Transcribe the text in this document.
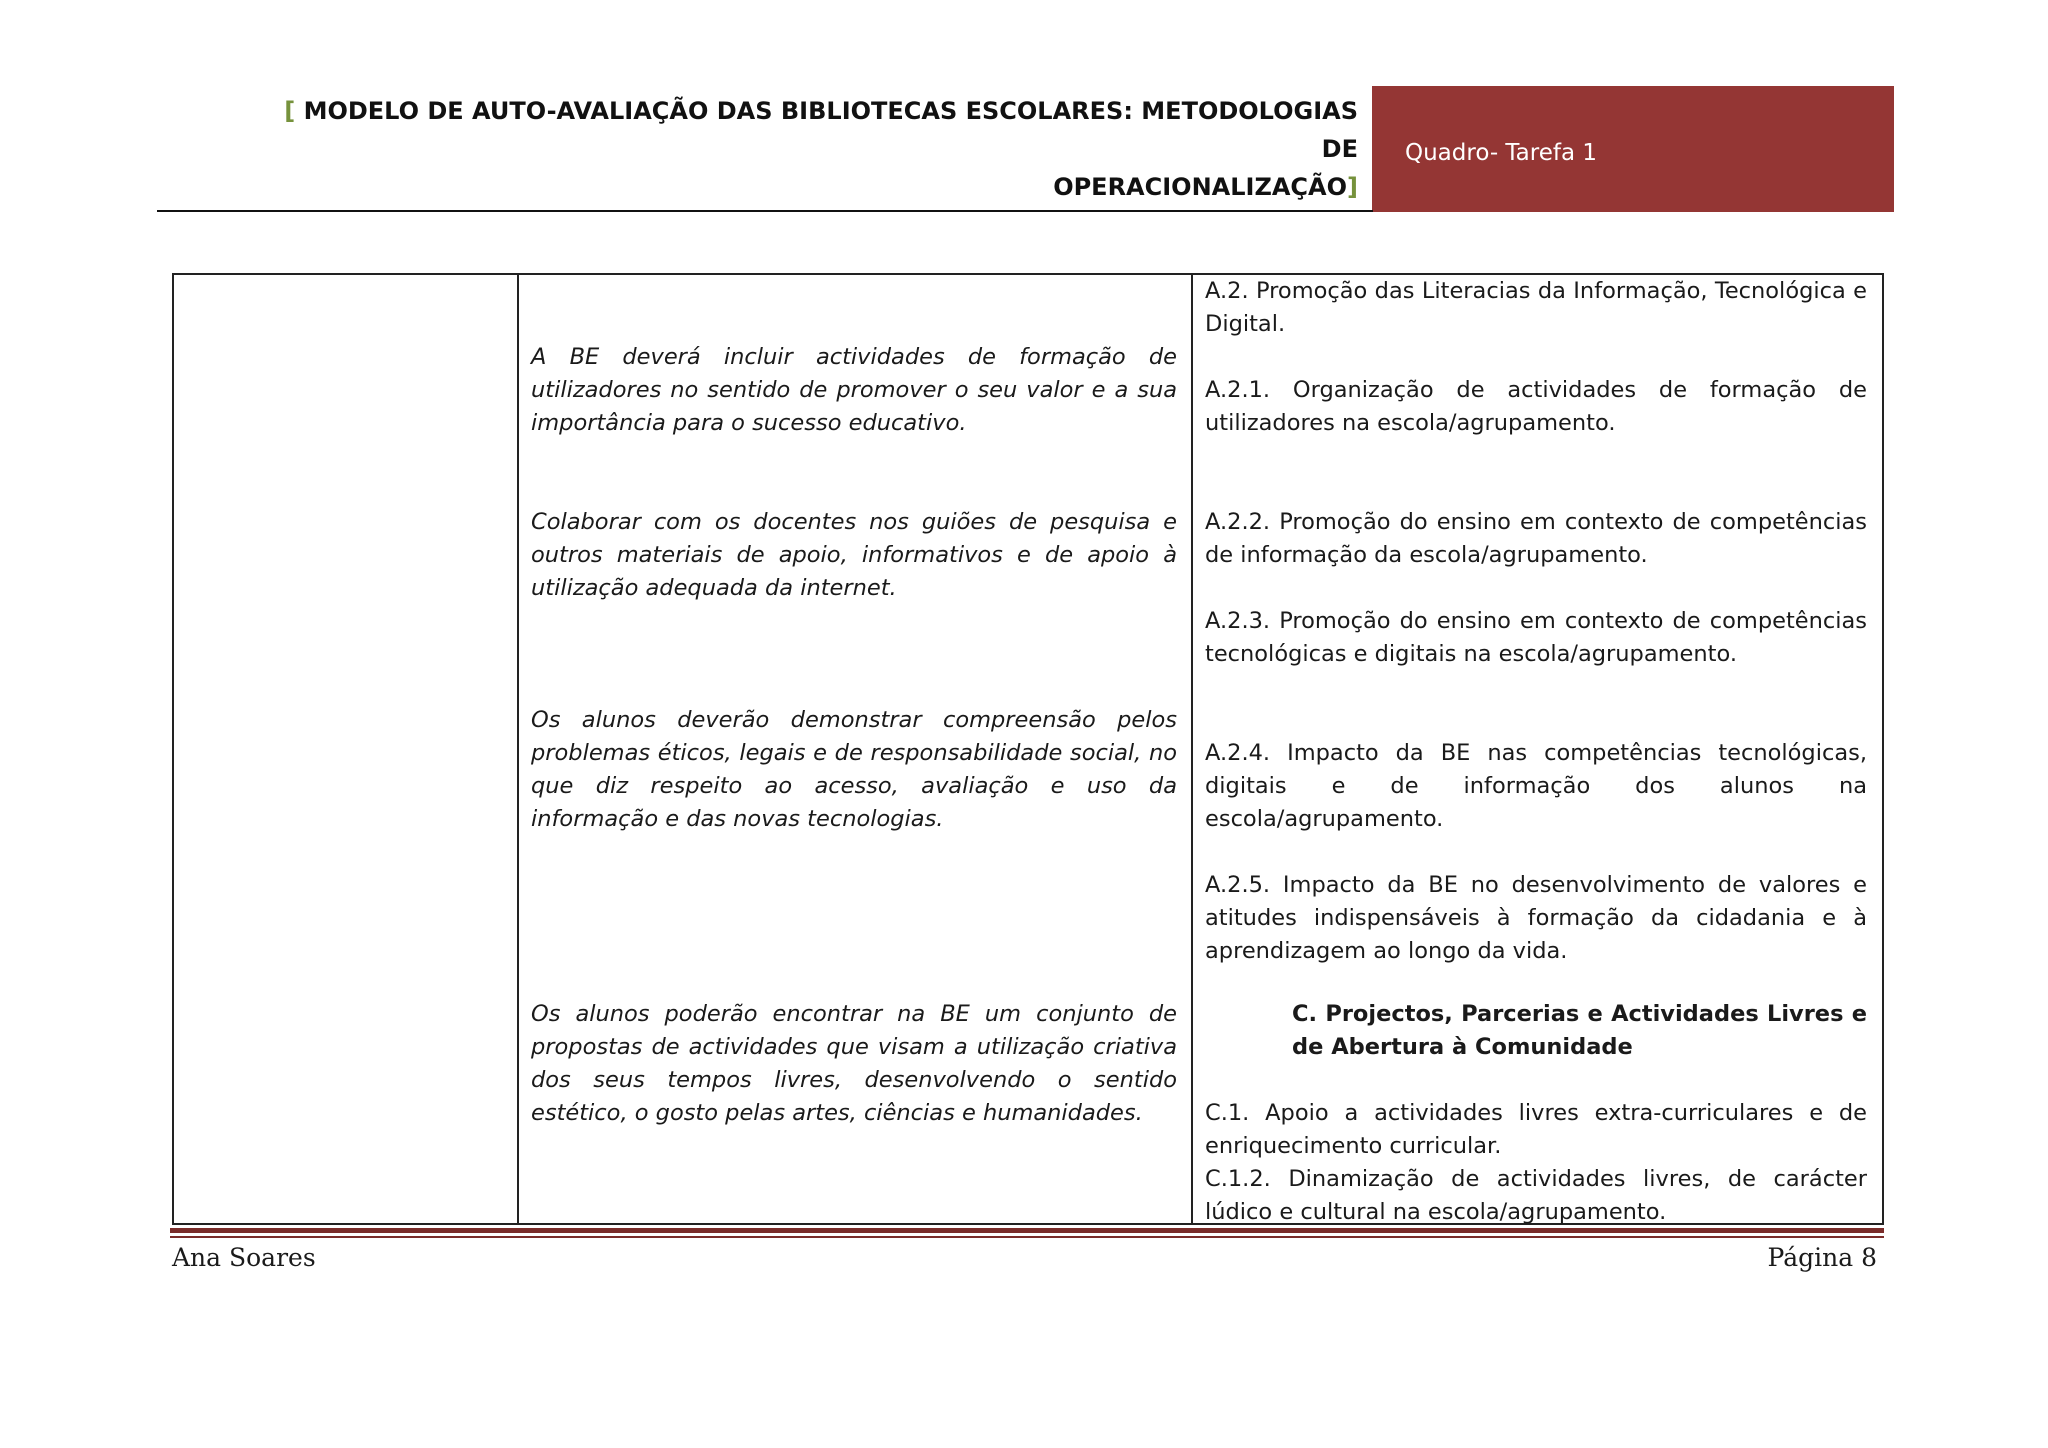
[ MODELO DE AUTO-AVALIAÇÃO DAS BIBLIOTECAS ESCOLARES: METODOLOGIAS DE
OPERACIONALIZAÇÃO]
Quadro- Tarefa 1
A BE deverá incluir actividades de formação de utilizadores no sentido de promover o seu valor e a sua importância para o sucesso educativo.
Colaborar com os docentes nos guiões de pesquisa e outros materiais de apoio, informativos e de apoio à utilização adequada da internet.
Os alunos deverão demonstrar compreensão pelos problemas éticos, legais e de responsabilidade social, no que diz respeito ao acesso, avaliação e uso da informação e das novas tecnologias.
Os alunos poderão encontrar na BE um conjunto de propostas de actividades que visam a utilização criativa dos seus tempos livres, desenvolvendo o sentido estético, o gosto pelas artes, ciências e humanidades.
A.2. Promoção das Literacias da Informação, Tecnológica e Digital.
A.2.1. Organização de actividades de formação de utilizadores na escola/agrupamento.
A.2.2. Promoção do ensino em contexto de competências de informação da escola/agrupamento.
A.2.3. Promoção do ensino em contexto de competências tecnológicas e digitais na escola/agrupamento.
A.2.4. Impacto da BE nas competências tecnológicas, digitais e de informação dos alunos na escola/agrupamento.
A.2.5. Impacto da BE no desenvolvimento de valores e atitudes indispensáveis à formação da cidadania e à aprendizagem ao longo da vida.
C. Projectos, Parcerias e Actividades Livres e de Abertura à Comunidade
C.1. Apoio a actividades livres extra-curriculares e de enriquecimento curricular.
C.1.2. Dinamização de actividades livres, de carácter lúdico e cultural na escola/agrupamento.
Ana Soares	Página 8
